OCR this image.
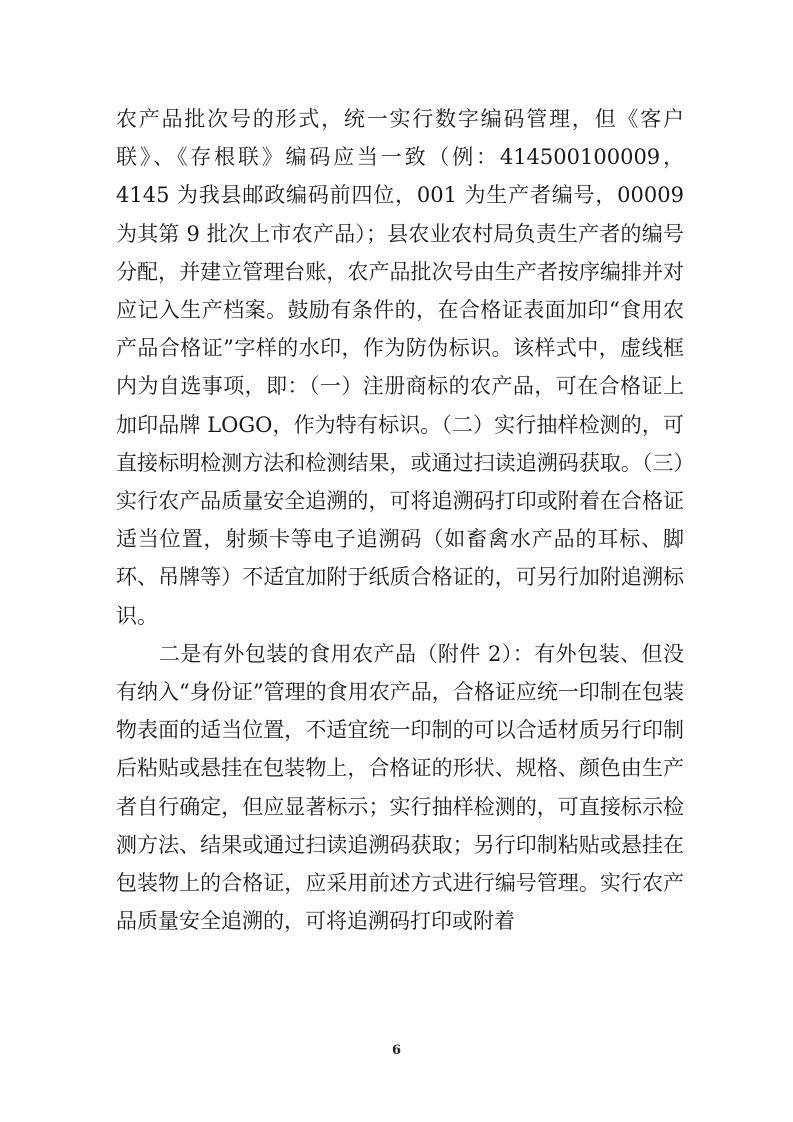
农产品批次号的形式，统一实行数字编码管理，但《客户联》、《存根联》编码应当一致（例：414500100009，4145 为我县邮政编码前四位，001 为生产者编号，00009 为其第 9 批次上市农产品）；县农业农村局负责生产者的编号分配，并建立管理台账，农产品批次号由生产者按序编排并对应记入生产档案。鼓励有条件的，在合格证表面加印“食用农产品合格证”字样的水印，作为防伪标识。该样式中，虚线框内为自选事项，即：（一）注册商标的农产品，可在合格证上加印品牌 LOGO，作为特有标识。（二）实行抽样检测的，可直接标明检测方法和检测结果，或通过扫读追溯码获取。（三）实行农产品质量安全追溯的，可将追溯码打印或附着在合格证适当位置，射频卡等电子追溯码（如畜禽水产品的耳标、脚环、吊牌等）不适宜加附于纸质合格证的，可另行加附追溯标识。

　　二是有外包装的食用农产品（附件 2）：有外包装、但没有纳入“身份证”管理的食用农产品，合格证应统一印制在包装物表面的适当位置，不适宜统一印制的可以合适材质另行印制后粘贴或悬挂在包装物上，合格证的形状、规格、颜色由生产者自行确定，但应显著标示；实行抽样检测的，可直接标示检测方法、结果或通过扫读追溯码获取；另行印制粘贴或悬挂在包装物上的合格证，应采用前述方式进行编号管理。实行农产品质量安全追溯的，可将追溯码打印或附着

6
